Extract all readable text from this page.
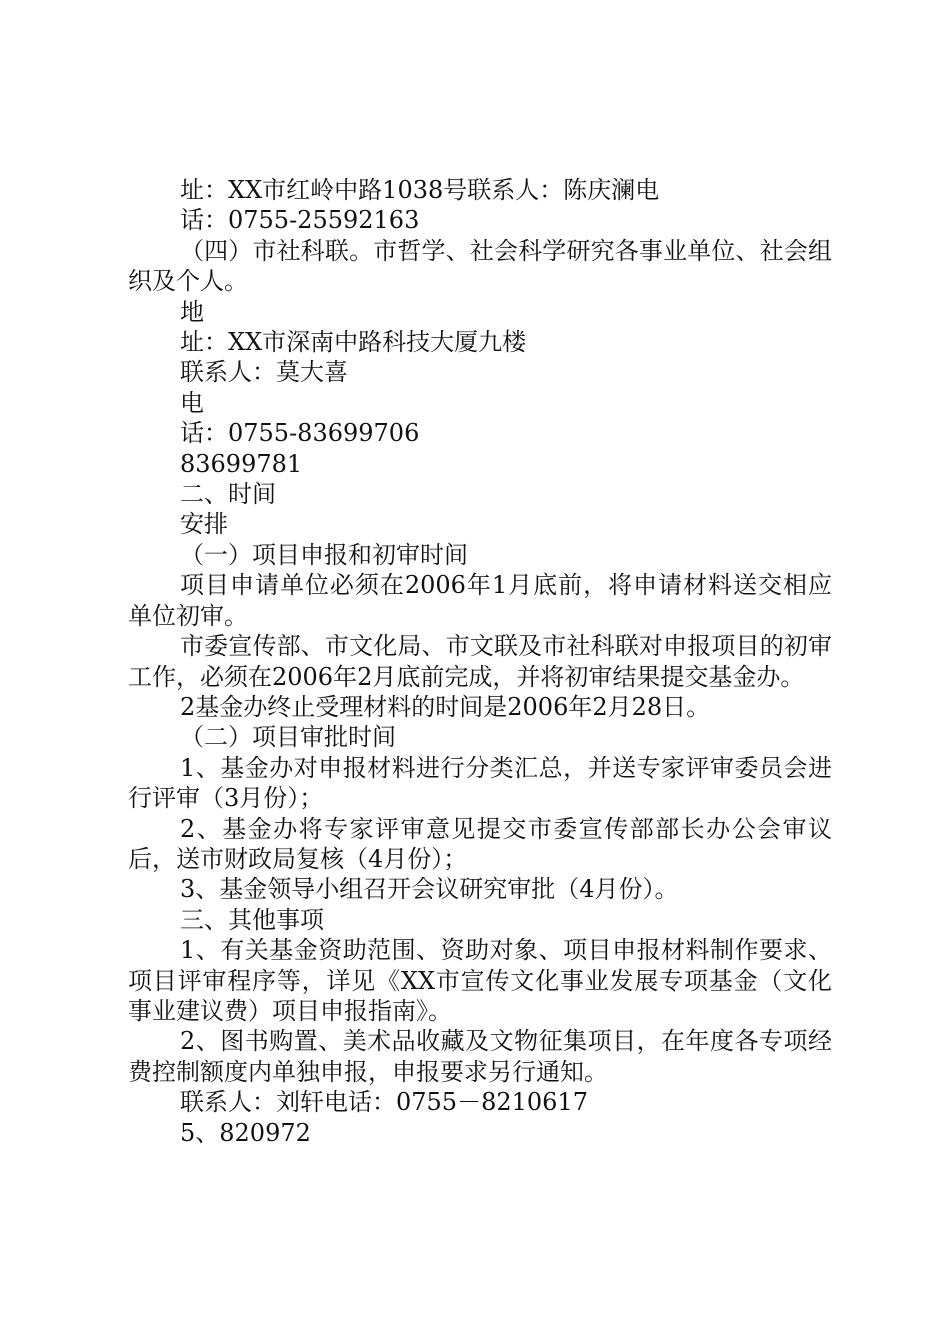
址：XX市红岭中路1038号联系人：陈庆澜电

话：0755-25592163

（四）市社科联。市哲学、社会科学研究各事业单位、社会组织及个人。

地

址：XX市深南中路科技大厦九楼

联系人：莫大喜

电

话：0755-83699706

83699781

二、时间

安排

（一）项目申报和初审时间

项目申请单位必须在2006年1月底前，将申请材料送交相应单位初审。

市委宣传部、市文化局、市文联及市社科联对申报项目的初审工作，必须在2006年2月底前完成，并将初审结果提交基金办。

2基金办终止受理材料的时间是2006年2月28日。

（二）项目审批时间

1、基金办对申报材料进行分类汇总，并送专家评审委员会进行评审（3月份）；

2、基金办将专家评审意见提交市委宣传部部长办公会审议后，送市财政局复核（4月份）；

3、基金领导小组召开会议研究审批（4月份）。

三、其他事项

1、有关基金资助范围、资助对象、项目申报材料制作要求、项目评审程序等，详见《XX市宣传文化事业发展专项基金（文化事业建议费）项目申报指南》。

2、图书购置、美术品收藏及文物征集项目，在年度各专项经费控制额度内单独申报，申报要求另行通知。

联系人：刘轩电话：0755－8210617

5、820972
